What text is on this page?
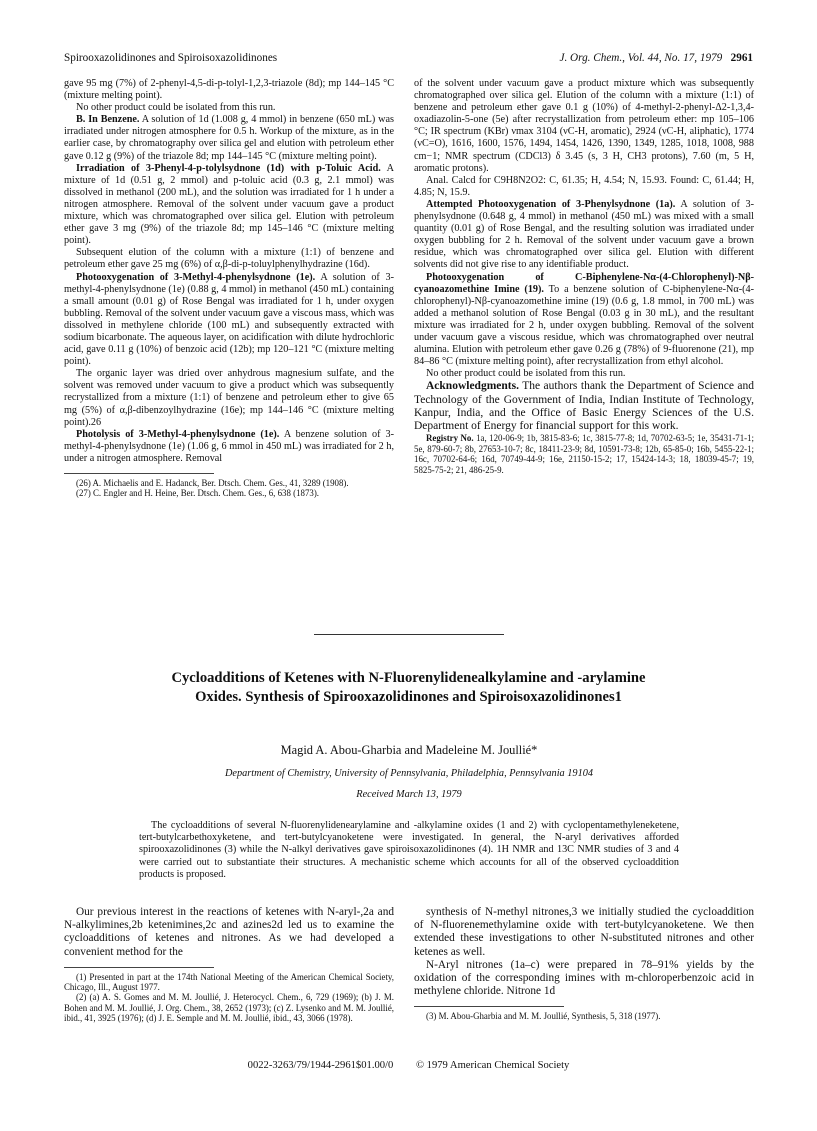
Spirooxazolidinones and Spiroisoxazolidinones	J. Org. Chem., Vol. 44, No. 17, 1979 2961

gave 95 mg (7%) of 2-phenyl-4,5-di-p-tolyl-1,2,3-triazole (8d); mp 144–145 °C (mixture melting point).

No other product could be isolated from this run.

B. In Benzene. A solution of 1d (1.008 g, 4 mmol) in benzene (650 mL) was irradiated under nitrogen atmosphere for 0.5 h. Workup of the mixture, as in the earlier case, by chromatography over silica gel and elution with petroleum ether gave 0.12 g (9%) of the triazole 8d; mp 144–145 °C (mixture melting point).

Irradiation of 3-Phenyl-4-p-tolylsydnone (1d) with p-Toluic Acid. A mixture of 1d (0.51 g, 2 mmol) and p-toluic acid (0.3 g, 2.1 mmol) was dissolved in methanol (200 mL), and the solution was irradiated for 1 h under a nitrogen atmosphere. Removal of the solvent under vacuum gave a product mixture, which was chromatographed over silica gel. Elution with petroleum ether gave 3 mg (9%) of the triazole 8d; mp 145–146 °C (mixture melting point).

Subsequent elution of the column with a mixture (1:1) of benzene and petroleum ether gave 25 mg (6%) of α,β-di-p-toluylphenylhydrazine (16d).

Photooxygenation of 3-Methyl-4-phenylsydnone (1e). A solution of 3-methyl-4-phenylsydnone (1e) (0.88 g, 4 mmol) in methanol (450 mL) containing a small amount (0.01 g) of Rose Bengal was irradiated for 1 h, under oxygen bubbling. Removal of the solvent under vacuum gave a viscous mass, which was dissolved in methylene chloride (100 mL) and subsequently extracted with sodium bicarbonate. The aqueous layer, on acidification with dilute hydrochloric acid, gave 0.11 g (10%) of benzoic acid (12b); mp 120–121 °C (mixture melting point).

The organic layer was dried over anhydrous magnesium sulfate, and the solvent was removed under vacuum to give a product which was subsequently recrystallized from a mixture (1:1) of benzene and petroleum ether to give 65 mg (5%) of α,β-dibenzoylhydrazine (16e); mp 144–146 °C (mixture melting point).26

Photolysis of 3-Methyl-4-phenylsydnone (1e). A benzene solution of 3-methyl-4-phenylsydnone (1e) (1.06 g, 6 mmol in 450 mL) was irradiated for 2 h, under a nitrogen atmosphere. Removal

(26) A. Michaelis and E. Hadanck, Ber. Dtsch. Chem. Ges., 41, 3289 (1908).

(27) C. Engler and H. Heine, Ber. Dtsch. Chem. Ges., 6, 638 (1873).

of the solvent under vacuum gave a product mixture which was subsequently chromatographed over silica gel. Elution of the column with a mixture (1:1) of benzene and petroleum ether gave 0.1 g (10%) of 4-methyl-2-phenyl-Δ2-1,3,4-oxadiazolin-5-one (5e) after recrystallization from petroleum ether: mp 105–106 °C; IR spectrum (KBr) νmax 3104 (νC-H, aromatic), 2924 (νC-H, aliphatic), 1774 (νC=O), 1616, 1600, 1576, 1494, 1454, 1426, 1390, 1349, 1285, 1018, 1008, 988 cm−1; NMR spectrum (CDCl3) δ 3.45 (s, 3 H, CH3 protons), 7.60 (m, 5 H, aromatic protons).

Anal. Calcd for C9H8N2O2: C, 61.35; H, 4.54; N, 15.93. Found: C, 61.44; H, 4.85; N, 15.9.

Attempted Photooxygenation of 3-Phenylsydnone (1a). A solution of 3-phenylsydnone (0.648 g, 4 mmol) in methanol (450 mL) was mixed with a small quantity (0.01 g) of Rose Bengal, and the resulting solution was irradiated under oxygen bubbling for 2 h. Removal of the solvent under vacuum gave a brown residue, which was chromatographed over silica gel. Elution with different solvents did not give rise to any identifiable product.

Photooxygenation of C-Biphenylene-Nα-(4-Chlorophenyl)-Nβ-cyanoazomethine Imine (19). To a benzene solution of C-biphenylene-Nα-(4-chlorophenyl)-Nβ-cyanoazomethine imine (19) (0.6 g, 1.8 mmol, in 700 mL) was added a methanol solution of Rose Bengal (0.03 g in 30 mL), and the resultant mixture was irradiated for 2 h, under oxygen bubbling. Removal of the solvent under vacuum gave a viscous residue, which was chromatographed over neutral alumina. Elution with petroleum ether gave 0.26 g (78%) of 9-fluorenone (21), mp 84–86 °C (mixture melting point), after recrystallization from ethyl alcohol.

No other product could be isolated from this run.

Acknowledgments. The authors thank the Department of Science and Technology of the Government of India, Indian Institute of Technology, Kanpur, India, and the Office of Basic Energy Sciences of the U.S. Department of Energy for financial support for this work.

Registry No. 1a, 120-06-9; 1b, 3815-83-6; 1c, 3815-77-8; 1d, 70702-63-5; 1e, 35431-71-1; 5e, 879-60-7; 8b, 27653-10-7; 8c, 18411-23-9; 8d, 10591-73-8; 12b, 65-85-0; 16b, 5455-22-1; 16c, 70702-64-6; 16d, 70749-44-9; 16e, 21150-15-2; 17, 15424-14-3; 18, 18039-45-7; 19, 5825-75-2; 21, 486-25-9.

Cycloadditions of Ketenes with N-Fluorenylidenealkylamine and -arylamine Oxides. Synthesis of Spirooxazolidinones and Spiroisoxazolidinones1
Magid A. Abou-Gharbia and Madeleine M. Joullié*
Department of Chemistry, University of Pennsylvania, Philadelphia, Pennsylvania 19104
Received March 13, 1979

The cycloadditions of several N-fluorenylidenearylamine and -alkylamine oxides (1 and 2) with cyclopentamethyleneketene, tert-butylcarbethoxyketene, and tert-butylcyanoketene were investigated. In general, the N-aryl derivatives afforded spirooxazolidinones (3) while the N-alkyl derivatives gave spiroisoxazolidinones (4). 1H NMR and 13C NMR studies of 3 and 4 were carried out to substantiate their structures. A mechanistic scheme which accounts for all of the observed cycloaddition products is proposed.

Our previous interest in the reactions of ketenes with N-aryl-,2a and N-alkylimines,2b ketenimines,2c and azines2d led us to examine the cycloadditions of ketenes and nitrones. As we had developed a convenient method for the

(1) Presented in part at the 174th National Meeting of the American Chemical Society, Chicago, Ill., August 1977.

(2) (a) A. S. Gomes and M. M. Joullié, J. Heterocycl. Chem., 6, 729 (1969); (b) J. M. Bohen and M. M. Joullié, J. Org. Chem., 38, 2652 (1973); (c) Z. Lysenko and M. M. Joullié, ibid., 41, 3925 (1976); (d) J. E. Semple and M. M. Joullié, ibid., 43, 3066 (1978).

synthesis of N-methyl nitrones,3 we initially studied the cycloaddition of N-fluorenemethylamine oxide with tert-butylcyanoketene. We then extended these investigations to other N-substituted nitrones and other ketenes as well.

N-Aryl nitrones (1a–c) were prepared in 78–91% yields by the oxidation of the corresponding imines with m-chloroperbenzoic acid in methylene chloride. Nitrone 1d

(3) M. Abou-Gharbia and M. M. Joullié, Synthesis, 5, 318 (1977).

0022-3263/79/1944-2961$01.00/0 © 1979 American Chemical Society
